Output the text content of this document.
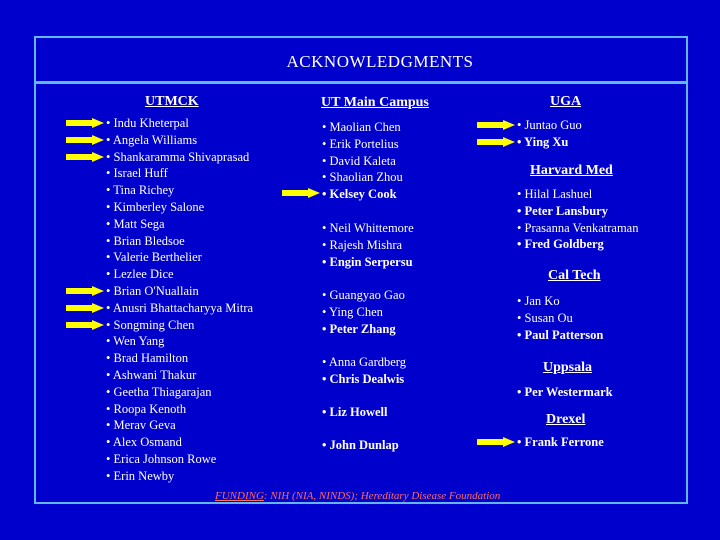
ACKNOWLEDGMENTS
UTMCK
• Indu Kheterpal
• Angela Williams
• Shankaramma Shivaprasad
• Israel Huff
• Tina Richey
• Kimberley Salone
• Matt Sega
• Brian Bledsoe
• Valerie Berthelier
• Lezlee Dice
• Brian O'Nuallain
• Anusri Bhattacharyya Mitra
• Songming Chen
• Wen Yang
• Brad Hamilton
• Ashwani Thakur
• Geetha Thiagarajan
• Roopa Kenoth
• Merav Geva
• Alex Osmand
• Erica Johnson Rowe
• Erin Newby
UT Main Campus
• Maolian Chen
• Erik Portelius
• David Kaleta
• Shaolian Zhou
• Kelsey Cook
• Neil Whittemore
• Rajesh Mishra
• Engin Serpersu
• Guangyao Gao
• Ying Chen
• Peter Zhang
• Anna Gardberg
• Chris Dealwis
• Liz Howell
• John Dunlap
UGA
• Juntao Guo
• Ying Xu
Harvard Med
• Hilal Lashuel
• Peter Lansbury
• Prasanna Venkatraman
• Fred Goldberg
Cal Tech
• Jan Ko
• Susan Ou
• Paul Patterson
Uppsala
• Per Westermark
Drexel
• Frank Ferrone
FUNDING: NIH (NIA, NINDS); Hereditary Disease Foundation
